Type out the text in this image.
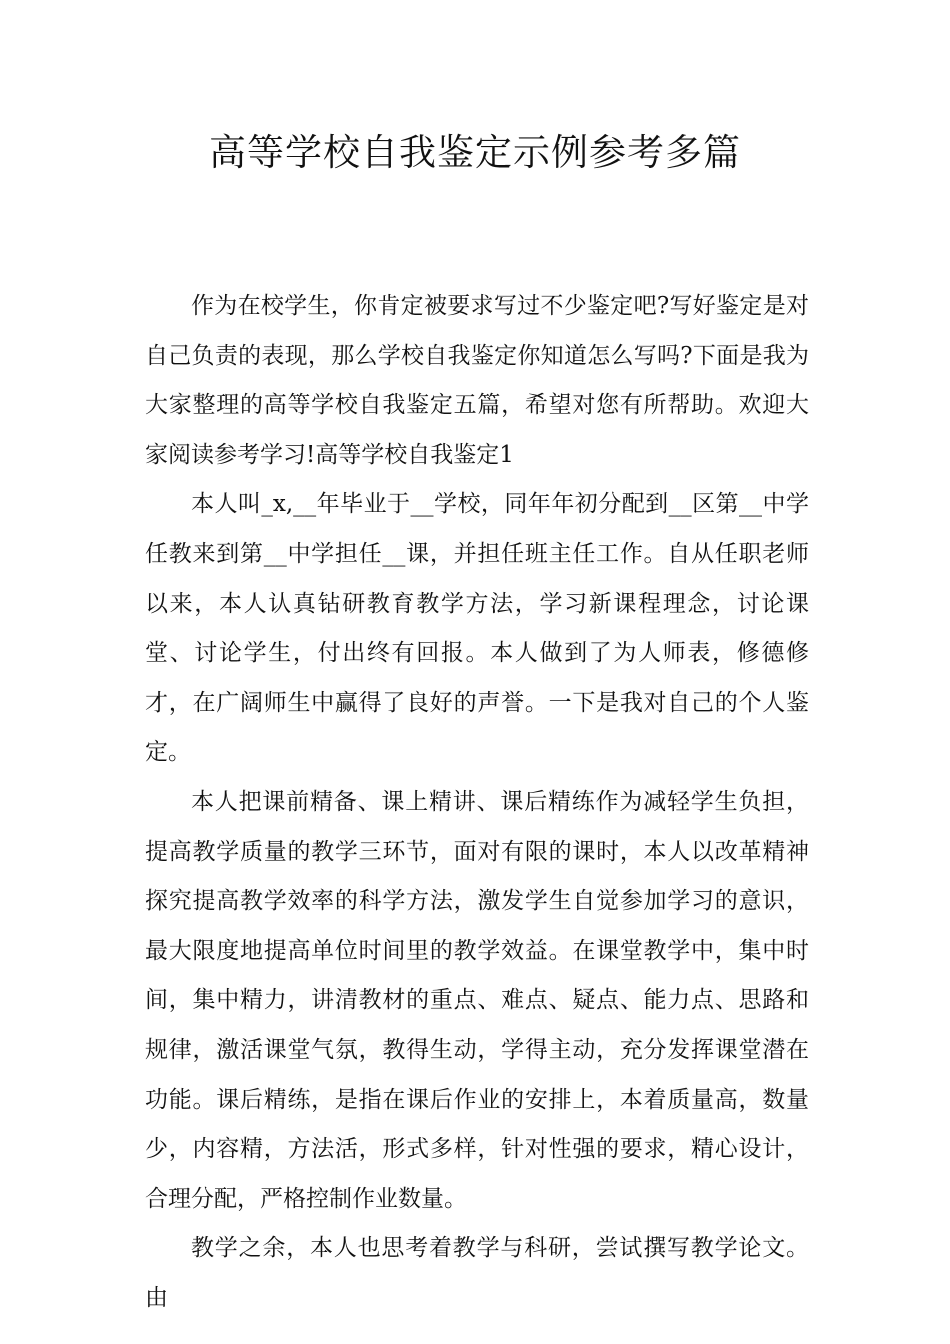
高等学校自我鉴定示例参考多篇

作为在校学生，你肯定被要求写过不少鉴定吧?写好鉴定是对自己负责的表现，那么学校自我鉴定你知道怎么写吗?下面是我为大家整理的高等学校自我鉴定五篇，希望对您有所帮助。欢迎大家阅读参考学习!高等学校自我鉴定1

本人叫_x,__年毕业于__学校，同年年初分配到__区第__中学任教来到第__中学担任__课，并担任班主任工作。自从任职老师以来，本人认真钻研教育教学方法，学习新课程理念，讨论课堂、讨论学生，付出终有回报。本人做到了为人师表，修德修才，在广阔师生中赢得了良好的声誉。一下是我对自己的个人鉴定。

本人把课前精备、课上精讲、课后精练作为减轻学生负担，提高教学质量的教学三环节，面对有限的课时，本人以改革精神探究提高教学效率的科学方法，激发学生自觉参加学习的意识，最大限度地提高单位时间里的教学效益。在课堂教学中，集中时间，集中精力，讲清教材的重点、难点、疑点、能力点、思路和规律，激活课堂气氛，教得生动，学得主动，充分发挥课堂潜在功能。课后精练，是指在课后作业的安排上，本着质量高，数量少，内容精，方法活，形式多样，针对性强的要求，精心设计，合理分配，严格控制作业数量。

教学之余，本人也思考着教学与科研，尝试撰写教学论文。由
